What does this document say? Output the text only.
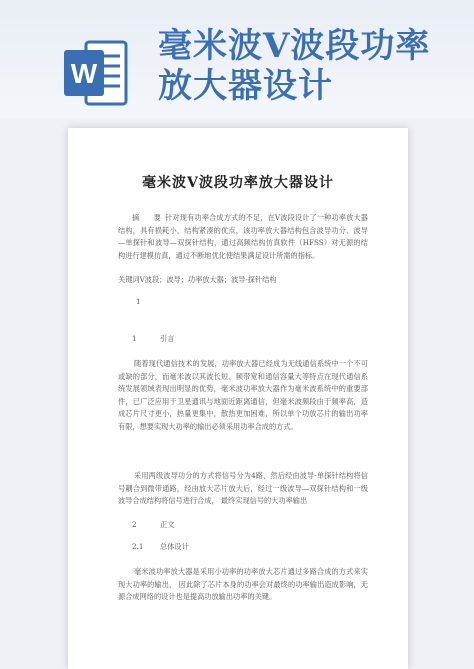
W
毫米波V波段功率
放大器设计
毫米波Ⅴ波段功率放大器设计
摘 要 针对现有功率合成方式的不足，在Ⅴ波段设计了一种功率放大器结构，具有损耗小，结构紧凑的优点，该功率放大器结构包含波导功分、波导—单探针和波导—双探针结构，通过高频结构仿真软件（HFSS）对无源的结构进行建模仿真，通过不断地优化使结果满足设计所需的指标。
关键词Ⅴ波段；波导；功率放大器；波导-探针结构
1
1	引言
随着现代通信技术的发展，功率放大器已经成为无线通信系统中一个不可或缺的部分，而毫米波以其波长短、频带宽和通信容量大等特点在现代通信系统发展领域表现出明显的优势，毫米波功率放大器作为毫米波系统中的重要部件，已广泛应用于卫星通讯与地面近距离通信，但毫米波频段由于频率高，造成芯片尺寸更小，热量更集中，散热更加困难，所以单个功放芯片的输出功率有限，想要实现大功率的输出必须采用功率合成的方式。
采用两级波导功分的方式将信号分为4路，然后经由波导-单探针结构将信号耦合到微带通路，经由放大芯片放大后，经过一级波导—双探针结构和一级波导合成结构将信号进行合成， 最终实现信号的大功率输出
2	正文
2.1 总体设计
毫米波功率放大器是采用小功率的功率放大芯片通过多路合成的方式来实现大功率的输出， 因此除了芯片本身的功率会对最终的功率输出造成影响，无源合成网络的设计也是提高功放输出功率的关键。
